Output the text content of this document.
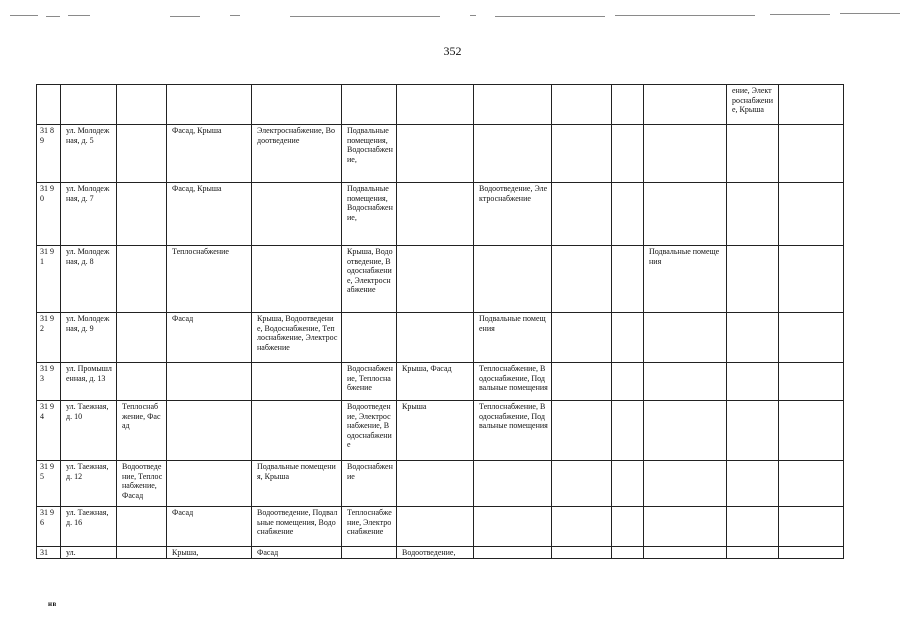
352
											ение, Электроснабжение, Крыша	
31 89	ул. Молодежная, д. 5		Фасад, Крыша	Электроснабжение, Водоотведение	Подвальные помещения, Водоснабжение,							
31 90	ул. Молодежная, д. 7		Фасад, Крыша		Подвальные помещения, Водоснабжение,		Водоотведение, Электроснабжение					
31 91	ул. Молодежная, д. 8		Теплоснабжение		Крыша, Водоотведение, Водоснабжение, Электроснабжение					Подвальные помещения		
31 92	ул. Молодежная, д. 9		Фасад	Крыша, Водоотведение, Водоснабжение, Теплоснабжение, Электроснабжение			Подвальные помещения					
31 93	ул. Промышленная, д. 13				Водоснабжение, Теплоснабжение	Крыша, Фасад	Теплоснабжение, Водоснабжение, Подвальные помещения					
31 94	ул. Таежная, д. 10	Теплоснабжение, Фасад			Водоотведение, Электроснабжение, Водоснабжение	Крыша	Теплоснабжение, Водоснабжение, Подвальные помещения					
31 95	ул. Таежная, д. 12	Водоотведение, Теплоснабжение, Фасад		Подвальные помещения, Крыша	Водоснабжение							
31 96	ул. Таежная, д. 16		Фасад	Водоотведение, Подвальные помещения, Водоснабжение	Теплоснабжение, Электроснабжение							
31	ул.		Крыша,	Фасад		Водоотведение,						
нв
